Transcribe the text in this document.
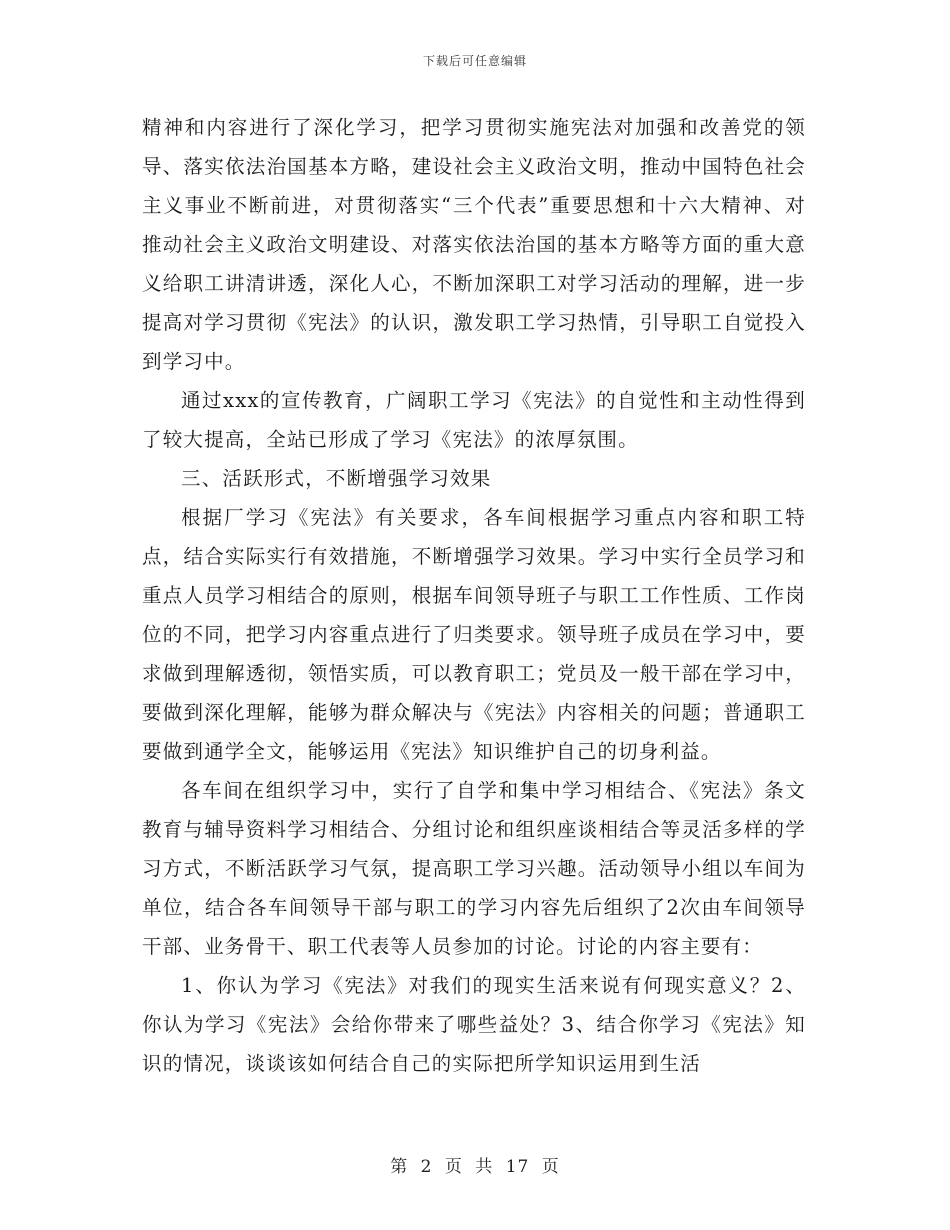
下载后可任意编辑

精神和内容进行了深化学习，把学习贯彻实施宪法对加强和改善党的领导、落实依法治国基本方略，建设社会主义政治文明，推动中国特色社会主义事业不断前进，对贯彻落实“三个代表”重要思想和十六大精神、对推动社会主义政治文明建设、对落实依法治国的基本方略等方面的重大意义给职工讲清讲透，深化人心，不断加深职工对学习活动的理解，进一步提高对学习贯彻《宪法》的认识，激发职工学习热情，引导职工自觉投入到学习中。

通过xxx的宣传教育，广阔职工学习《宪法》的自觉性和主动性得到了较大提高，全站已形成了学习《宪法》的浓厚氛围。

三、活跃形式，不断增强学习效果

根据厂学习《宪法》有关要求，各车间根据学习重点内容和职工特点，结合实际实行有效措施，不断增强学习效果。学习中实行全员学习和重点人员学习相结合的原则，根据车间领导班子与职工工作性质、工作岗位的不同，把学习内容重点进行了归类要求。领导班子成员在学习中，要求做到理解透彻，领悟实质，可以教育职工；党员及一般干部在学习中，要做到深化理解，能够为群众解决与《宪法》内容相关的问题；普通职工要做到通学全文，能够运用《宪法》知识维护自己的切身利益。

各车间在组织学习中，实行了自学和集中学习相结合、《宪法》条文教育与辅导资料学习相结合、分组讨论和组织座谈相结合等灵活多样的学习方式，不断活跃学习气氛，提高职工学习兴趣。活动领导小组以车间为单位，结合各车间领导干部与职工的学习内容先后组织了2次由车间领导干部、业务骨干、职工代表等人员参加的讨论。讨论的内容主要有：

1、你认为学习《宪法》对我们的现实生活来说有何现实意义？2、你认为学习《宪法》会给你带来了哪些益处？3、结合你学习《宪法》知识的情况，谈谈该如何结合自己的实际把所学知识运用到生活

第 2 页 共 17 页
